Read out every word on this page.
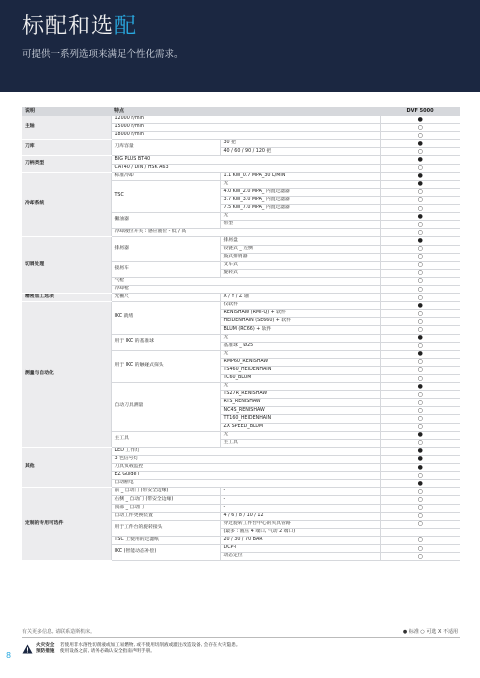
标配和选配
可提供一系列选项来满足个性化需求。
说明	特点		DVF 5000
主轴	12000 r/min		●
	15000 r/min		○
	18000 r/min		○
刀库	刀库容量	30 把	●
		40 / 60 / 90 / 120 把	○
刀柄类型	BIG PLUS BT40		●
	CAT40 / DIN / HSK A63		○
冷却系统	标准冷却	1.1 KW_0.7 MPA_30 L/MIN	●
	TSC	无	●
		4.0 KW_2.0 MPA_ 内置过滤器	○
		3.7 KW_3.0 MPA_ 内置过滤器	○
		7.5 KW_7.0 MPA_ 内置过滤器	○
	撇油器	无	●
		带型	○
	冷却液位开关 : 感应液位 - 低 / 高		○
切屑处理	排屑器	排屑盘	●
		铰链式 _ 左侧	○
		鼓式排屑器	○
	接屑车	文车式	○
		旋转式	○
	气枪		○
	冷却枪		○
精密加工选项	光栅尺	X / Y / Z 轴	○
测量与自动化	IKC 就绪	仅软件	●
		RENISHAW (RMI-Q) + 软件	○
		HEIDENHAIN (SE660) + 软件	○
		BLUM (RC66) + 软件	○
	用于 IKC 的基准球	无	●
		基准球 _ Ø25	○
	用于 IKC 的触碰式探头	无	●
		RMP60_RENISHAW	○
		TS460_HEIDENHAIN	○
		TC60_BLUM	○
	自动刀具测量	无	●
		TS27R_RENISHAW	○
		RTS_RENISHAW	○
		NC4S_RENISHAW	○
		TT160_HEIDENHAIN	○
		ZX SPEED_BLUM	○
	主工具	无	●
		主工具	○
其他	LED 工作灯		●
	3 色信号灯		●
	刀具负载监控		●
	EZ Guide i		○
	自动断电		●
定制的专用可选件	前 _ 自动门 (带安全边缘)	-	○
	右侧 _ 自动门 (带安全边缘)	-	○
	顶部 _ 自动门	-	○
	自动工件更换装置	4 / 6 / 8 / 10 / 12	○
	用于工件台的旋转接头	穿过旋转工件台中心的夹具管路	○
		(最多 : 液压 4 端口, 气动 2 端口)	
	TSC 上使用的过滤纸	20 / 30 / 70 BAR	○
	IKC (智能动态补偿)	DCP-i	○
		动态定位	○
有关更多信息, 请联系造斯机床。	● 标准 ○ 可选 X 不适用
8
火灾安全 若使用非水溶性切削液或加工易燃物, 或不使用切削液或灌注改造设备, 会存在火灾隐患。
预防措施 使用设备之前, 请务必确认安全指南声明手册。
